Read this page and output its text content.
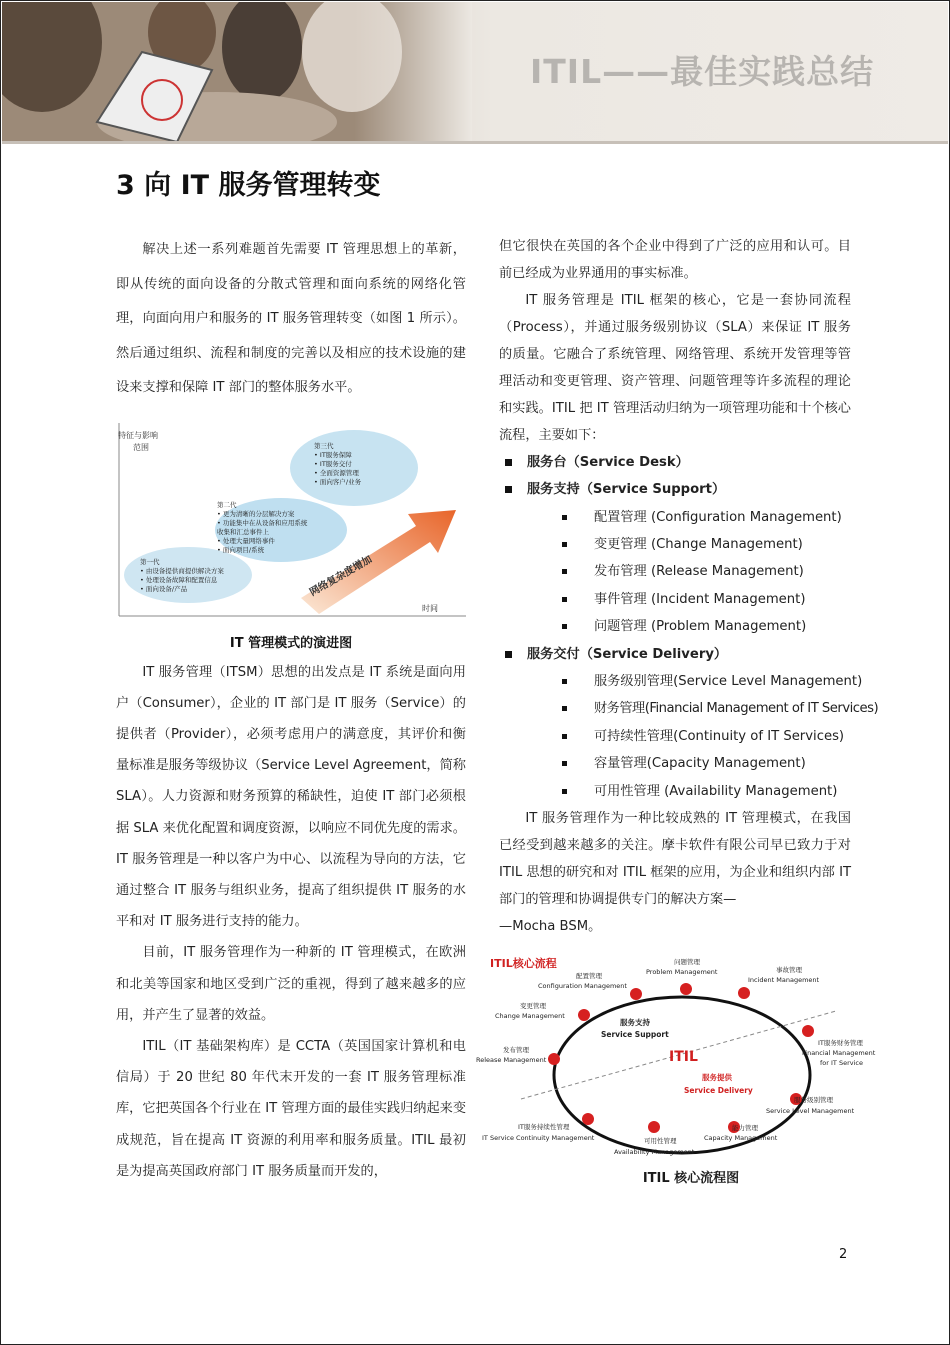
ITIL——最佳实践总结
3 向 IT 服务管理转变

解决上述一系列难题首先需要 IT 管理思想上的革新，即从传统的面向设备的分散式管理和面向系统的网络化管理，向面向用户和服务的 IT 服务管理转变（如图 1 所示）。然后通过组织、流程和制度的完善以及相应的技术设施的建设来支撑和保障 IT 部门的整体服务水平。

特征与影响
范围
时间
网络复杂度增加
第一代
• 由设备提供商提供解决方案
• 处理设备故障和配置信息
• 面向设备/产品
第二代
• 更为清晰的分层解决方案
• 功能集中在从设备和应用系统
收集和汇总事件上
• 处理大量网络事件
• 面向项目/系统
第三代
• IT服务保障
• IT服务交付
• 全面资源管理
• 面向客户/业务
IT 管理模式的演进图

IT 服务管理（ITSM）思想的出发点是 IT 系统是面向用户（Consumer），企业的 IT 部门是 IT 服务（Service）的提供者（Provider），必须考虑用户的满意度，其评价和衡量标准是服务等级协议（Service Level Agreement，简称 SLA）。人力资源和财务预算的稀缺性，迫使 IT 部门必须根据 SLA 来优化配置和调度资源，以响应不同优先度的需求。IT 服务管理是一种以客户为中心、以流程为导向的方法，它通过整合 IT 服务与组织业务，提高了组织提供 IT 服务的水平和对 IT 服务进行支持的能力。

目前，IT 服务管理作为一种新的 IT 管理模式，在欧洲和北美等国家和地区受到广泛的重视，得到了越来越多的应用，并产生了显著的效益。

ITIL（IT 基础架构库）是 CCTA（英国国家计算机和电信局）于 20 世纪 80 年代末开发的一套 IT 服务管理标准库，它把英国各个行业在 IT 管理方面的最佳实践归纳起来变成规范，旨在提高 IT 资源的利用率和服务质量。ITIL 最初是为提高英国政府部门 IT 服务质量而开发的，

但它很快在英国的各个企业中得到了广泛的应用和认可。目前已经成为业界通用的事实标准。

IT 服务管理是 ITIL 框架的核心，它是一套协同流程（Process），并通过服务级别协议（SLA）来保证 IT 服务的质量。它融合了系统管理、网络管理、系统开发管理等管理活动和变更管理、资产管理、问题管理等许多流程的理论和实践。ITIL 把 IT 管理活动归纳为一项管理功能和十个核心流程，主要如下：

服务台（Service Desk）
服务支持（Service Support）
配置管理 (Configuration Management)
变更管理 (Change Management)
发布管理 (Release Management)
事件管理 (Incident Management)
问题管理 (Problem Management)
服务交付（Service Delivery）
服务级别管理(Service Level Management)
财务管理(Financial Management of IT Services)
可持续性管理(Continuity of IT Services)
容量管理(Capacity Management)
可用性管理 (Availability Management)

IT 服务管理作为一种比较成熟的 IT 管理模式，在我国已经受到越来越多的关注。摩卡软件有限公司早已致力于对 ITIL 思想的研究和对 ITIL 框架的应用，为企业和组织内部 IT 部门的管理和协调提供专门的解决方案—

—Mocha BSM。

ITIL核心流程
ITIL
服务支持
Service Support
服务提供
Service Delivery
问题管理
Problem Management
配置管理
Configuration Management
事故管理
Incident Management
变更管理
Change Management
发布管理
Release Management
IT服务财务管理
Financial Management
for IT Service
服务级别管理
Service Level Management
IT服务持续性管理
IT Service Continuity Management	可用性管理
Availability Management
能力管理
Capacity Management
ITIL 核心流程图
2
